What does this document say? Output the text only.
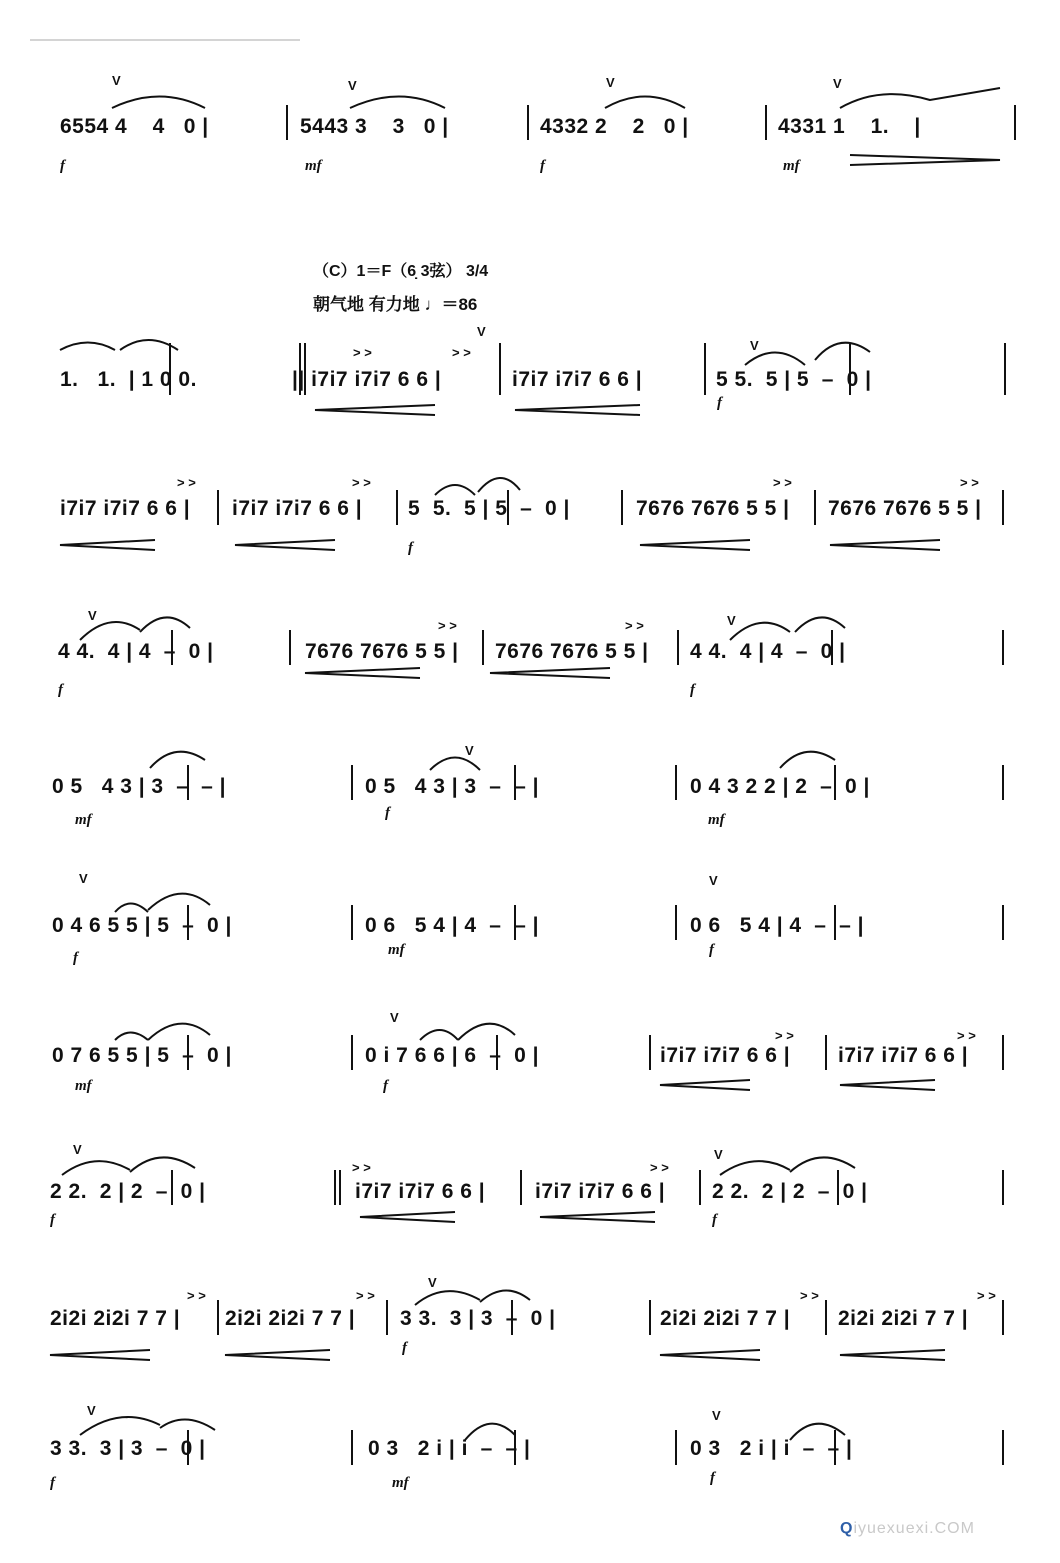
V	V	V	V
V
V
V	V
V
V	V
V
V	V
V
V	V
> >	> >
> >	> >
> >	> >
> >	> >
> >	> >
> >	> >
> >	> >	> >	> >
（C）1＝F（6̣ 3弦） 3/4
朝气地 有力地 ♩＝86
6554 4    4   0 |	5443 3    3   0 |	4332 2    2   0 |	4331 1    1.    |
f	mf	f	mf
1.   1.  | 1 0 0.	|| i7i7 i7i7 6 6 |	i7i7 i7i7 6 6 |	5 5.  5 | 5  –  0 |
f
i7i7 i7i7 6 6 | i7i7 i7i7 6 6 | 5  5.  5 | 5  –  0 |	7676 7676 5 5 | 7676 7676 5 5 |
f
4 4.  4 | 4  –  0 |	7676 7676 5 5 | 7676 7676 5 5 | 4 4.  4 | 4  –  0 |
f	f
0 5   4 3 | 3  –  – |	0 5   4 3 | 3  –  – |	0 4 3 2 2 | 2  –  0 |
mf	f	mf
0 4 6 5 5 | 5  –  0 |	0 6   5 4 | 4  –  – |	0 6   5 4 | 4  –  – |
f	mf	f
0 7 6 5 5 | 5  –  0 |	0 i 7 6 6 | 6  –  0 |	i7i7 i7i7 6 6 | i7i7 i7i7 6 6 |
mf	f
2 2.  2 | 2  –  0 |	i7i7 i7i7 6 6 | i7i7 i7i7 6 6 | 2 2.  2 | 2  –  0 |
f	f
2i2i 2i2i 7 7 | 2i2i 2i2i 7 7 | 3 3.  3 | 3  –  0 |	2i2i 2i2i 7 7 | 2i2i 2i2i 7 7 |
f
3 3.  3 | 3  –  0 |	0 3   2 i | i  –  – |	0 3   2 i | i  –  – |
f	mf	f
Qiyuexuexi.COM
